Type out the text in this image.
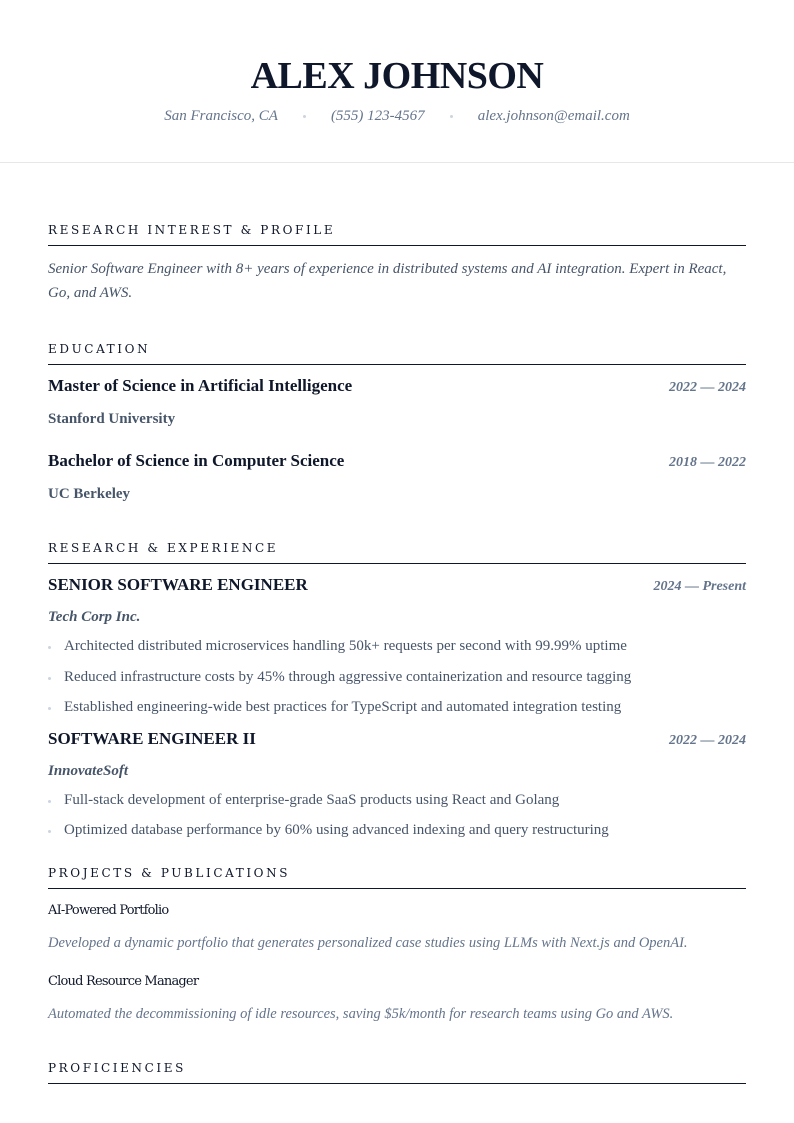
ALEX JOHNSON
San Francisco, CA	(555) 123-4567	alex.johnson@email.com
RESEARCH INTEREST & PROFILE
Senior Software Engineer with 8+ years of experience in distributed systems and AI integration. Expert in React, Go, and AWS.
EDUCATION
Master of Science in Artificial Intelligence	2022 — 2024
Stanford University
Bachelor of Science in Computer Science	2018 — 2022
UC Berkeley
RESEARCH & EXPERIENCE
SENIOR SOFTWARE ENGINEER	2024 — Present
Tech Corp Inc.
Architected distributed microservices handling 50k+ requests per second with 99.99% uptime
Reduced infrastructure costs by 45% through aggressive containerization and resource tagging
Established engineering-wide best practices for TypeScript and automated integration testing
SOFTWARE ENGINEER II	2022 — 2024
InnovateSoft
Full-stack development of enterprise-grade SaaS products using React and Golang
Optimized database performance by 60% using advanced indexing and query restructuring
PROJECTS & PUBLICATIONS
AI-Powered Portfolio
Developed a dynamic portfolio that generates personalized case studies using LLMs with Next.js and OpenAI.
Cloud Resource Manager
Automated the decommissioning of idle resources, saving $5k/month for research teams using Go and AWS.
PROFICIENCIES
